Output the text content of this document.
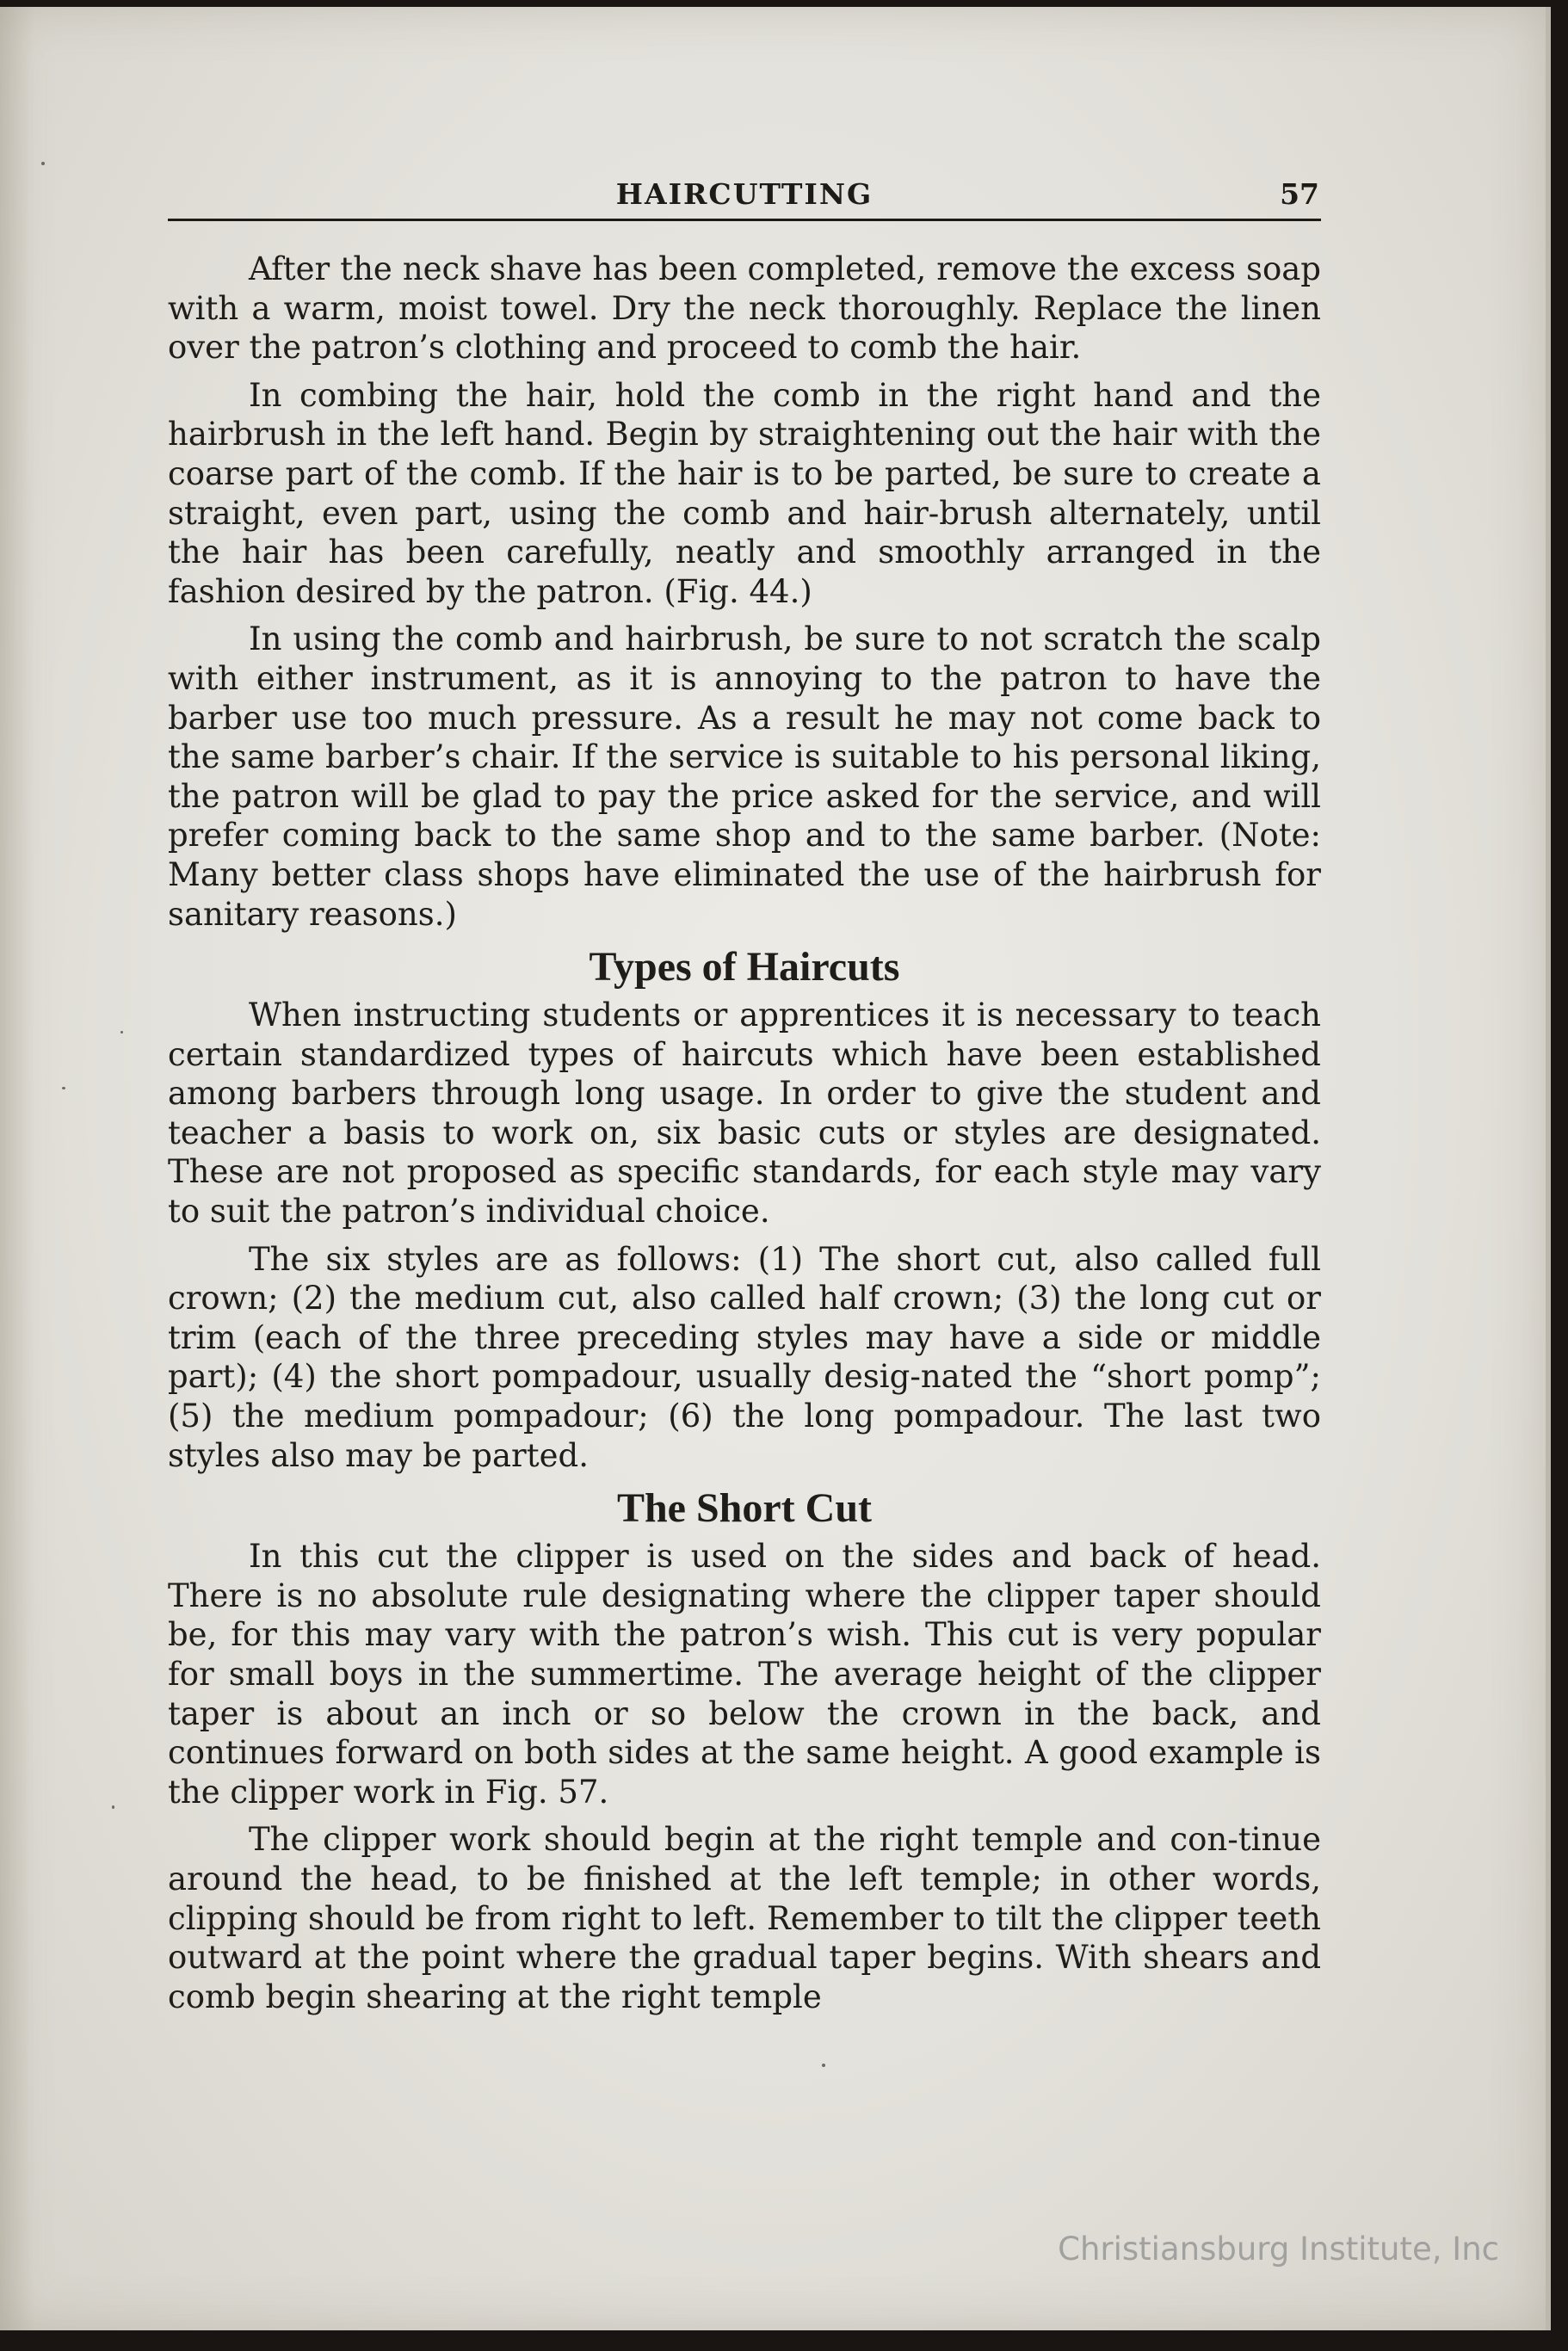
HAIRCUTTING	57

After the neck shave has been completed, remove the excess soap with a warm, moist towel. Dry the neck thoroughly. Replace the linen over the patron’s clothing and proceed to comb the hair.

In combing the hair, hold the comb in the right hand and the hairbrush in the left hand. Begin by straightening out the hair with the coarse part of the comb. If the hair is to be parted, be sure to create a straight, even part, using the comb and hair-brush alternately, until the hair has been carefully, neatly and smoothly arranged in the fashion desired by the patron. (Fig. 44.)

In using the comb and hairbrush, be sure to not scratch the scalp with either instrument, as it is annoying to the patron to have the barber use too much pressure. As a result he may not come back to the same barber’s chair. If the service is suitable to his personal liking, the patron will be glad to pay the price asked for the service, and will prefer coming back to the same shop and to the same barber. (Note: Many better class shops have eliminated the use of the hairbrush for sanitary reasons.)

Types of Haircuts

When instructing students or apprentices it is necessary to teach certain standardized types of haircuts which have been established among barbers through long usage. In order to give the student and teacher a basis to work on, six basic cuts or styles are designated. These are not proposed as specific standards, for each style may vary to suit the patron’s individual choice.

The six styles are as follows: (1) The short cut, also called full crown; (2) the medium cut, also called half crown; (3) the long cut or trim (each of the three preceding styles may have a side or middle part); (4) the short pompadour, usually desig-nated the “short pomp”; (5) the medium pompadour; (6) the long pompadour. The last two styles also may be parted.

The Short Cut

In this cut the clipper is used on the sides and back of head. There is no absolute rule designating where the clipper taper should be, for this may vary with the patron’s wish. This cut is very popular for small boys in the summertime. The average height of the clipper taper is about an inch or so below the crown in the back, and continues forward on both sides at the same height. A good example is the clipper work in Fig. 57.

The clipper work should begin at the right temple and con-tinue around the head, to be finished at the left temple; in other words, clipping should be from right to left. Remember to tilt the clipper teeth outward at the point where the gradual taper begins. With shears and comb begin shearing at the right temple

Christiansburg Institute, Inc
